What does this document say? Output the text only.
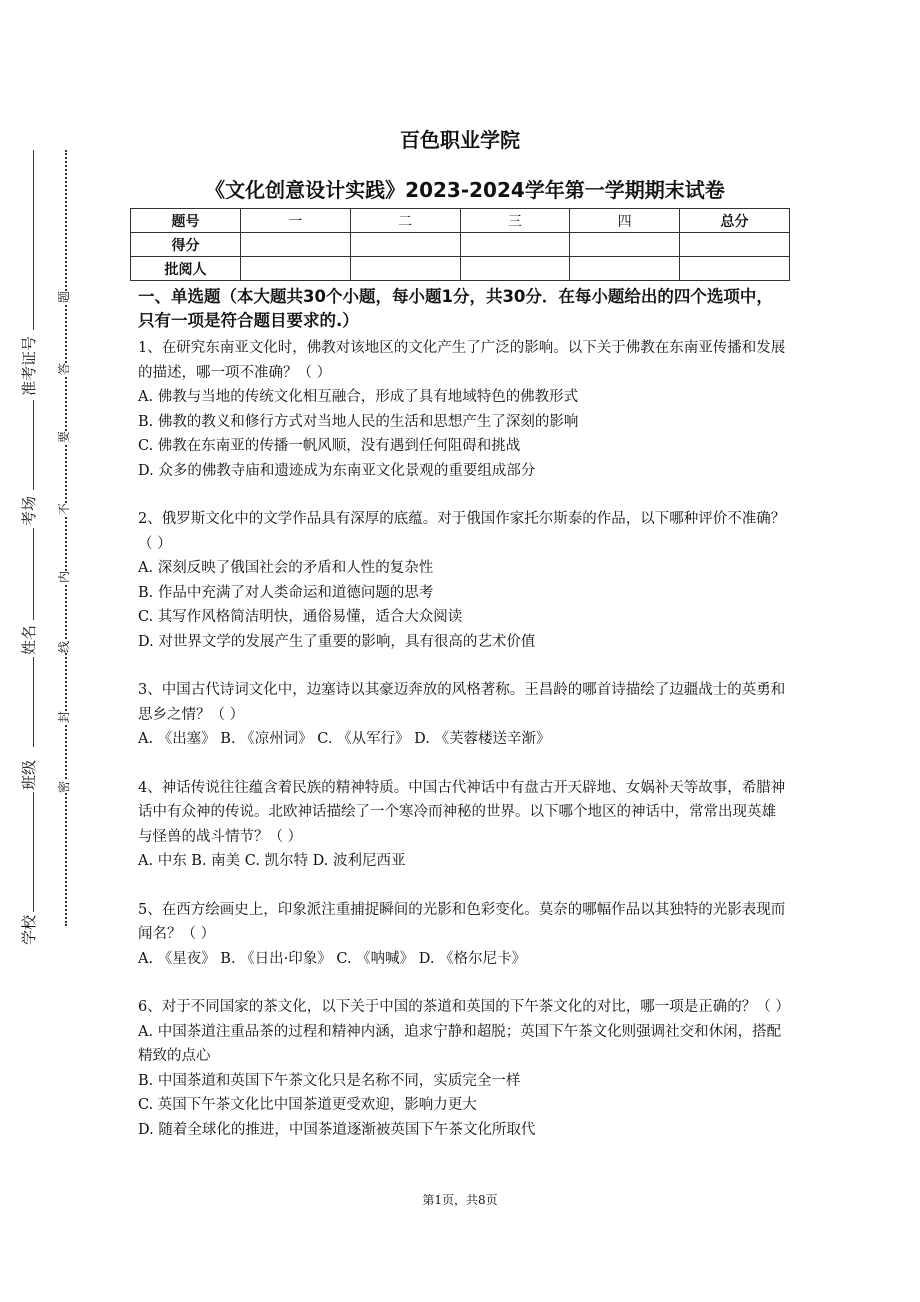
准考证号
考场
姓名
班级
学校
题
答
要
不
内
线
封
密
百色职业学院
《文化创意设计实践》2023-2024学年第一学期期末试卷
题号	一	二	三	四	总分
得分					
批阅人					
一、单选题（本大题共30个小题，每小题1分，共30分．在每小题给出的四个选项中，只有一项是符合题目要求的.）

1、在研究东南亚文化时，佛教对该地区的文化产生了广泛的影响。以下关于佛教在东南亚传播和发展的描述，哪一项不准确？（ ）

A. 佛教与当地的传统文化相互融合，形成了具有地域特色的佛教形式

B. 佛教的教义和修行方式对当地人民的生活和思想产生了深刻的影响

C. 佛教在东南亚的传播一帆风顺，没有遇到任何阻碍和挑战

D. 众多的佛教寺庙和遗迹成为东南亚文化景观的重要组成部分

2、俄罗斯文化中的文学作品具有深厚的底蕴。对于俄国作家托尔斯泰的作品，以下哪种评价不准确？（ ）

A. 深刻反映了俄国社会的矛盾和人性的复杂性

B. 作品中充满了对人类命运和道德问题的思考

C. 其写作风格简洁明快，通俗易懂，适合大众阅读

D. 对世界文学的发展产生了重要的影响，具有很高的艺术价值

3、中国古代诗词文化中，边塞诗以其豪迈奔放的风格著称。王昌龄的哪首诗描绘了边疆战士的英勇和思乡之情？（ ）

A. 《出塞》 B. 《凉州词》 C. 《从军行》 D. 《芙蓉楼送辛渐》

4、神话传说往往蕴含着民族的精神特质。中国古代神话中有盘古开天辟地、女娲补天等故事，希腊神话中有众神的传说。北欧神话描绘了一个寒冷而神秘的世界。以下哪个地区的神话中，常常出现英雄与怪兽的战斗情节？（ ）

A. 中东 B. 南美 C. 凯尔特 D. 波利尼西亚

5、在西方绘画史上，印象派注重捕捉瞬间的光影和色彩变化。莫奈的哪幅作品以其独特的光影表现而闻名？（ ）

A. 《星夜》 B. 《日出·印象》 C. 《呐喊》 D. 《格尔尼卡》

6、对于不同国家的茶文化，以下关于中国的茶道和英国的下午茶文化的对比，哪一项是正确的？（ ）

A. 中国茶道注重品茶的过程和精神内涵，追求宁静和超脱；英国下午茶文化则强调社交和休闲，搭配精致的点心

B. 中国茶道和英国下午茶文化只是名称不同，实质完全一样

C. 英国下午茶文化比中国茶道更受欢迎，影响力更大

D. 随着全球化的推进，中国茶道逐渐被英国下午茶文化所取代

第1页，共8页
